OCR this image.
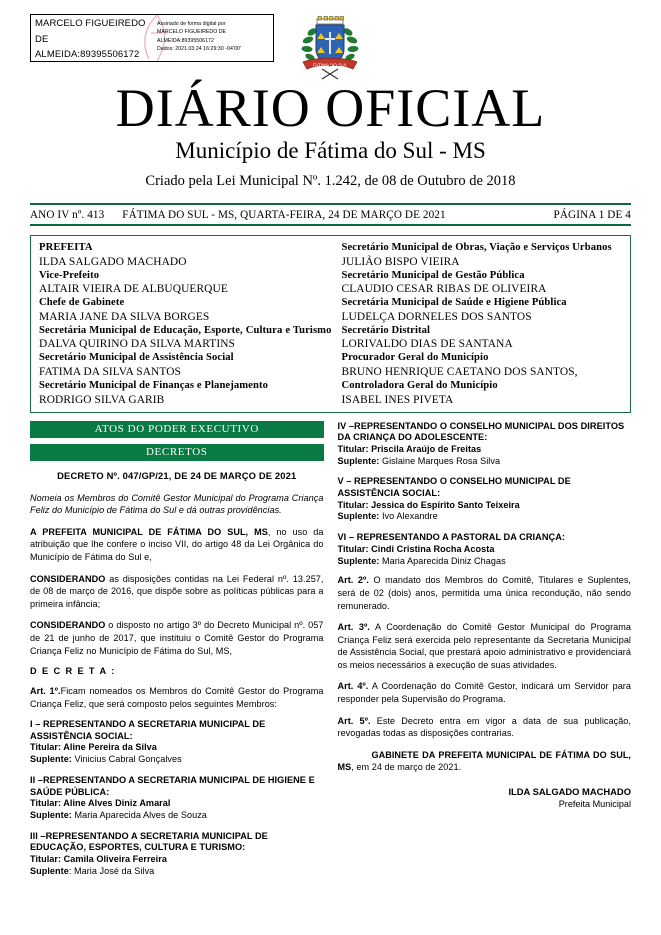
MARCELO FIGUEIREDO DE ALMEIDA:89395506172
Assinado de forma digital por
MARCELO FIGUEIREDO DE
ALMEIDA:89395506172
Dados: 2021.03.24 16:29:30 -04'00'
FATIMA DO SUL
DIÁRIO OFICIAL
Município de Fátima do Sul - MS
Criado pela Lei Municipal Nº. 1.242, de 08 de Outubro de 2018
ANO IV nº. 413 FÁTIMA DO SUL - MS, QUARTA-FEIRA, 24 DE MARÇO DE 2021	PÁGINA 1 DE 4
PREFEITA
ILDA SALGADO MACHADO
Vice-Prefeito
ALTAIR VIEIRA DE ALBUQUERQUE
Chefe de Gabinete
MARIA JANE DA SILVA BORGES
Secretária Municipal de Educação, Esporte, Cultura e Turismo
DALVA QUIRINO DA SILVA MARTINS
Secretário Municipal de Assistência Social
FATIMA DA SILVA SANTOS
Secretário Municipal de Finanças e Planejamento
RODRIGO SILVA GARIB
Secretário Municipal de Obras, Viação e Serviços Urbanos
JULIÃO BISPO VIEIRA
Secretário Municipal de Gestão Pública
CLAUDIO CESAR RIBAS DE OLIVEIRA
Secretária Municipal de Saúde e Higiene Pública
LUDELÇA DORNELES DOS SANTOS
Secretário Distrital
LORIVALDO DIAS DE SANTANA
Procurador Geral do Município
BRUNO HENRIQUE CAETANO DOS SANTOS,
Controladora Geral do Município
ISABEL INES PIVETA
ATOS DO PODER EXECUTIVO
DECRETOS
DECRETO Nº. 047/GP/21, DE 24 DE MARÇO DE 2021

Nomeia os Membros do Comitê Gestor Municipal do Programa Criança Feliz do Município de Fátima do Sul e dá outras providências.

A PREFEITA MUNICIPAL DE FÁTIMA DO SUL, MS, no uso da atribuição que lhe confere o inciso VII, do artigo 48 da Lei Orgânica do Município de Fátima do Sul e,

CONSIDERANDO as disposições contidas na Lei Federal nº. 13.257, de 08 de março de 2016, que dispõe sobre as políticas públicas para a primeira infância;

CONSIDERANDO o disposto no artigo 3º do Decreto Municipal nº. 057 de 21 de junho de 2017, que instituiu o Comitê Gestor do Programa Criança Feliz no Município de Fátima do Sul, MS,

D E C R E T A :

Art. 1º.Ficam nomeados os Membros do Comitê Gestor do Programa Criança Feliz, que será composto pelos seguintes Membros:

I – REPRESENTANDO A SECRETARIA MUNICIPAL DE ASSISTÊNCIA SOCIAL:
Titular: Aline Pereira da Silva
Suplente: Vinicius Cabral Gonçalves
II –REPRESENTANDO A SECRETARIA MUNICIPAL DE HIGIENE E SAÚDE PÚBLICA:
Titular: Aline Alves Diniz Amaral
Suplente: Maria Aparecida Alves de Souza
III –REPRESENTANDO A SECRETARIA MUNICIPAL DE EDUCAÇÃO, ESPORTES, CULTURA E TURISMO:
Titular: Camila Oliveira Ferreira
Suplente: Maria José da Silva
IV –REPRESENTANDO O CONSELHO MUNICIPAL DOS DIREITOS DA CRIANÇA DO ADOLESCENTE:
Titular: Priscila Araújo de Freitas
Suplente: Gislaine Marques Rosa Silva
V – REPRESENTANDO O CONSELHO MUNICIPAL DE ASSISTÊNCIA SOCIAL:
Titular: Jessica do Espírito Santo Teixeira
Suplente: Ivo Alexandre
VI – REPRESENTANDO A PASTORAL DA CRIANÇA:
Titular: Cindi Cristina Rocha Acosta
Suplente: Maria Aparecida Diniz Chagas

Art. 2º. O mandato dos Membros do Comitê, Titulares e Suplentes, será de 02 (dois) anos, permitida uma única recondução, não sendo remunerado.

Art. 3º. A Coordenação do Comitê Gestor Municipal do Programa Criança Feliz será exercida pelo representante da Secretaria Municipal de Assistência Social, que prestará apoio administrativo e providenciará os meios necessários à execução de suas atividades.

Art. 4º. A Coordenação do Comitê Gestor, indicará um Servidor para responder pela Supervisão do Programa.

Art. 5º. Este Decreto entra em vigor a data de sua publicação, revogadas todas as disposições contrarias.

GABINETE DA PREFEITA MUNICIPAL DE FÁTIMA DO SUL, MS, em 24 de março de 2021.

ILDA SALGADO MACHADO

Prefeita Municipal
